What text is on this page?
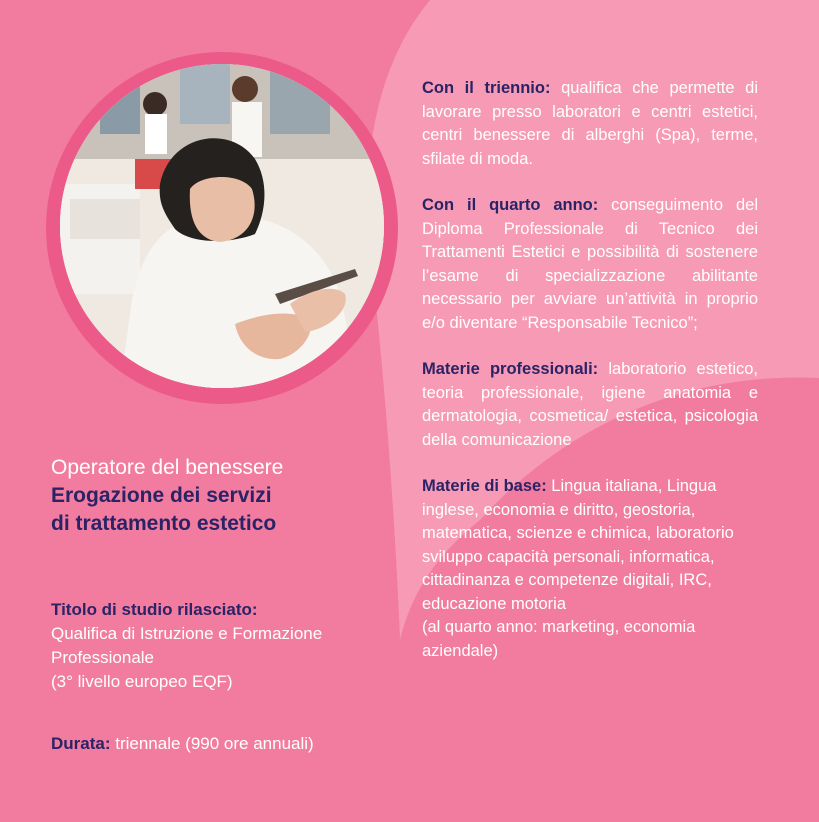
Operatore del benessere

Erogazione dei servizi

di trattamento estetico

Titolo di studio rilasciato:

Qualifica di Istruzione e Formazione

Professionale

(3° livello europeo EQF)

Durata: triennale (990 ore annuali)

Con il triennio: qualifica che permette di lavorare presso laboratori e centri estetici, centri benessere di alberghi (Spa), terme, sfilate di moda.

Con il quarto anno: conseguimento del Diploma Professionale di Tecnico dei Trattamenti Estetici e possibilità di sostenere l’esame di specializzazione abilitante necessario per avviare un’attività in proprio e/o diventare “Responsabile Tecnico”;

Materie professionali: laboratorio estetico, teoria professionale, igiene anatomia e dermatologia, cosmetica/ estetica, psicologia della comunicazione

Materie di base: Lingua italiana, Lingua inglese, economia e diritto, geostoria, matematica, scienze e chimica, laboratorio sviluppo capacità personali, informatica, cittadinanza e competenze digitali, IRC, educazione motoria

(al quarto anno: marketing, economia aziendale)
